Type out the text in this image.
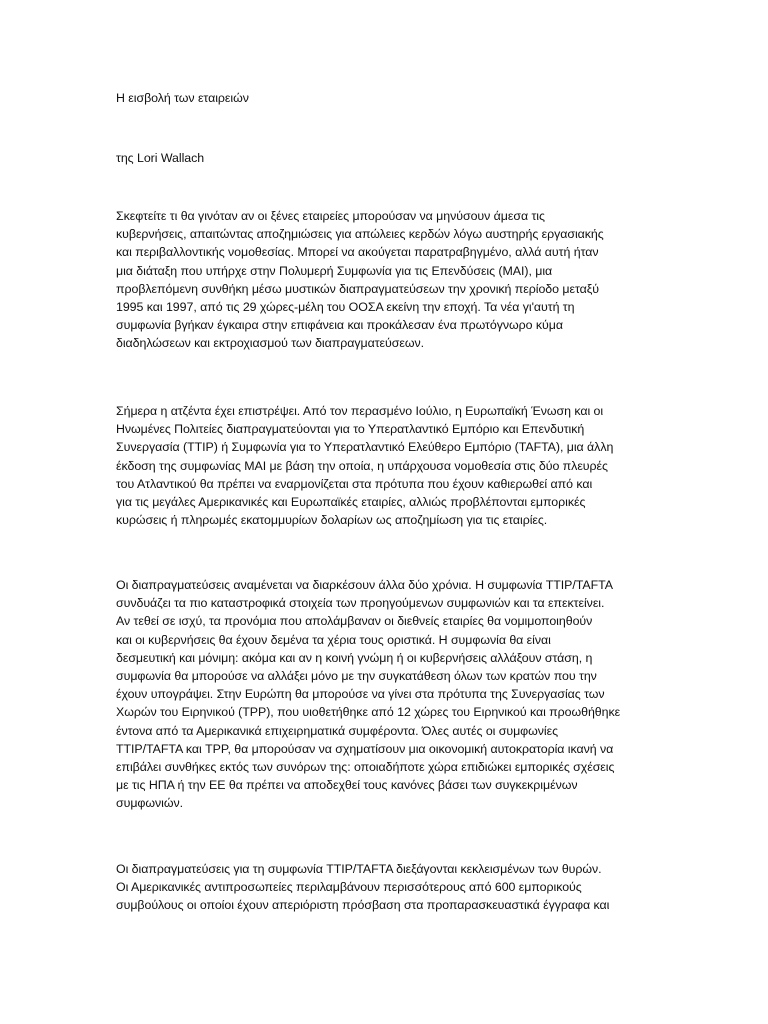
Η εισβολή των εταιρειών
της Lori Wallach
Σκεφτείτε τι θα γινόταν αν οι ξένες εταιρείες μπορούσαν να μηνύσουν άμεσα τις
κυβερνήσεις, απαιτώντας αποζημιώσεις για απώλειες κερδών λόγω αυστηρής εργασιακής
και περιβαλλοντικής νομοθεσίας. Μπορεί να ακούγεται παρατραβηγμένο, αλλά αυτή ήταν
μια διάταξη που υπήρχε στην Πολυμερή Συμφωνία για τις Επενδύσεις (MAI), μια
προβλεπόμενη συνθήκη μέσω μυστικών διαπραγματεύσεων την χρονική περίοδο μεταξύ
1995 και 1997, από τις 29 χώρες-μέλη του ΟΟΣΑ εκείνη την εποχή. Τα νέα γι'αυτή τη
συμφωνία βγήκαν έγκαιρα στην επιφάνεια και προκάλεσαν ένα πρωτόγνωρο κύμα
διαδηλώσεων και εκτροχιασμού των διαπραγματεύσεων.
Σήμερα η ατζέντα έχει επιστρέψει. Από τον περασμένο Ιούλιο, η Ευρωπαϊκή Ένωση και οι
Ηνωμένες Πολιτείες διαπραγματεύονται για το Υπερατλαντικό Εμπόριο και Επενδυτική
Συνεργασία (TTIP) ή Συμφωνία για το Υπερατλαντικό Ελεύθερο Εμπόριο (TAFTA), μια άλλη
έκδοση της συμφωνίας MAI με βάση την οποία, η υπάρχουσα νομοθεσία στις δύο πλευρές
του Ατλαντικού θα πρέπει να εναρμονίζεται στα πρότυπα που έχουν καθιερωθεί από και
για τις μεγάλες Αμερικανικές και Ευρωπαϊκές εταιρίες, αλλιώς προβλέπονται εμπορικές
κυρώσεις ή πληρωμές εκατομμυρίων δολαρίων ως αποζημίωση για τις εταιρίες.
Οι διαπραγματεύσεις αναμένεται να διαρκέσουν άλλα δύο χρόνια. Η συμφωνία TTIP/TAFTA
συνδυάζει τα πιο καταστροφικά στοιχεία των προηγούμενων συμφωνιών και τα επεκτείνει.
Αν τεθεί σε ισχύ, τα προνόμια που απολάμβαναν οι διεθνείς εταιρίες θα νομιμοποιηθούν
και οι κυβερνήσεις θα έχουν δεμένα τα χέρια τους οριστικά. Η συμφωνία θα είναι
δεσμευτική και μόνιμη: ακόμα και αν η κοινή γνώμη ή οι κυβερνήσεις αλλάξουν στάση, η
συμφωνία θα μπορούσε να αλλάξει μόνο με την συγκατάθεση όλων των κρατών που την
έχουν υπογράψει. Στην Ευρώπη θα μπορούσε να γίνει στα πρότυπα της Συνεργασίας των
Χωρών του Ειρηνικού (TPP), που υιοθετήθηκε από 12 χώρες του Ειρηνικού και προωθήθηκε
έντονα από τα Αμερικανικά επιχειρηματικά συμφέροντα. Όλες αυτές οι συμφωνίες
TTIP/TAFTA και TPP, θα μπορούσαν να σχηματίσουν μια οικονομική αυτοκρατορία ικανή να
επιβάλει συνθήκες εκτός των συνόρων της: οποιαδήποτε χώρα επιδιώκει εμπορικές σχέσεις
με τις ΗΠΑ ή την ΕΕ θα πρέπει να αποδεχθεί τους κανόνες βάσει των συγκεκριμένων
συμφωνιών.
Οι διαπραγματεύσεις για τη συμφωνία TTIP/TAFTA διεξάγονται κεκλεισμένων των θυρών.
Οι Αμερικανικές αντιπροσωπείες περιλαμβάνουν περισσότερους από 600 εμπορικούς
συμβούλους οι οποίοι έχουν απεριόριστη πρόσβαση στα προπαρασκευαστικά έγγραφα και
